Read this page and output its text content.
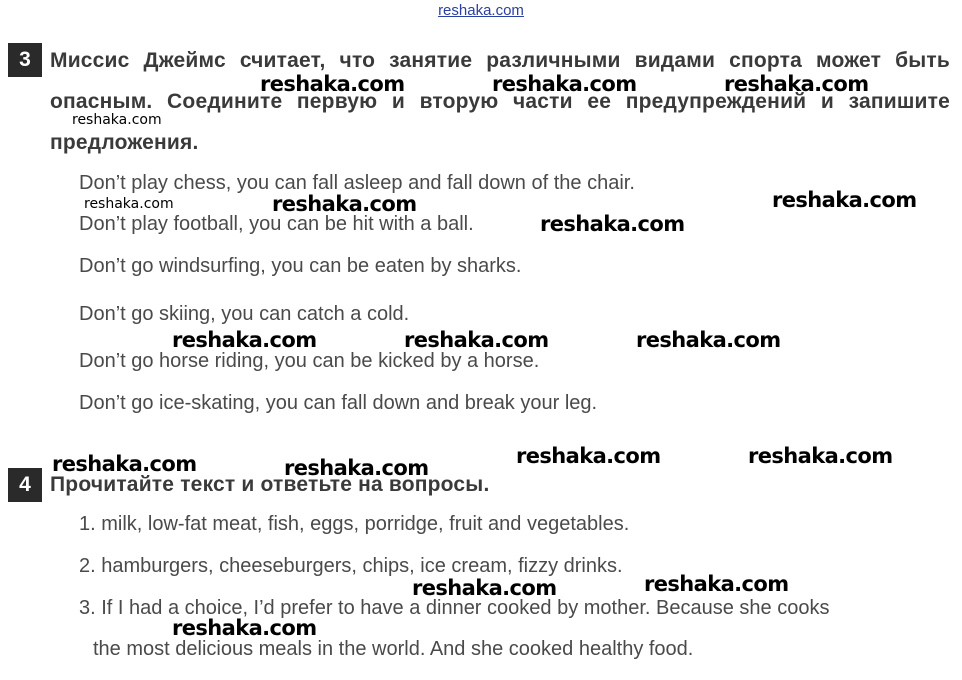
reshaka.com
3 Миссис Джеймс считает, что занятие различными видами спорта может быть опасным. Соедините первую и вторую части ее предупреждений и запишите предложения.
Don’t play chess, you can fall asleep and fall down of the chair.
Don’t play football, you can be hit with a ball.
Don’t go windsurfing, you can be eaten by sharks.
Don’t go skiing, you can catch a cold.
Don’t go horse riding, you can be kicked by a horse.
Don’t go ice-skating, you can fall down and break your leg.
4 Прочитайте текст и ответьте на вопросы.
1. milk, low-fat meat, fish, eggs, porridge, fruit and vegetables.
2. hamburgers, cheeseburgers, chips, ice cream, fizzy drinks.
3. If I had a choice, I’d prefer to have a dinner cooked by mother. Because she cooks
the most delicious meals in the world. And she cooked healthy food.
reshaka.com	reshaka.com	reshaka.com
reshaka.com
reshaka.com	reshaka.com	reshaka.com
reshaka.com
reshaka.com	reshaka.com	reshaka.com
reshaka.com	reshaka.com	reshaka.com	reshaka.com
reshaka.com	reshaka.com
reshaka.com
